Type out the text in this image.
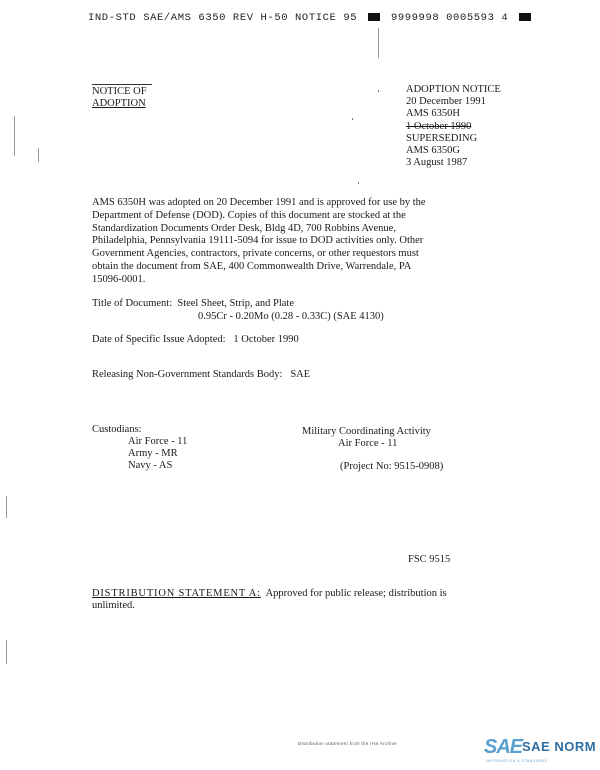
IND-STD SAE/AMS 6350 REV H-50 NOTICE 95	9999998 0005593 4
NOTICE OF
ADOPTION
ADOPTION NOTICE
20 December 1991
AMS 6350H
1 October 1990
SUPERSEDING
AMS 6350G
3 August 1987
AMS 6350H was adopted on 20 December 1991 and is approved for use by the
Department of Defense (DOD). Copies of this document are stocked at the
Standardization Documents Order Desk, Bldg 4D, 700 Robbins Avenue,
Philadelphia, Pennsylvania 19111-5094 for issue to DOD activities only. Other
Government Agencies, contractors, private concerns, or other requestors must
obtain the document from SAE, 400 Commonwealth Drive, Warrendale, PA
15096-0001.
Title of Document: Steel Sheet, Strip, and Plate
0.95Cr - 0.20Mo (0.28 - 0.33C) (SAE 4130)
Date of Specific Issue Adopted: 1 October 1990
Releasing Non-Government Standards Body: SAE
Custodians:
Air Force - 11
Army - MR
Navy - AS
Military Coordinating Activity
Air Force - 11
(Project No: 9515-0908)
FSC 9515
DISTRIBUTION STATEMENT A: Approved for public release; distribution is
unlimited.
Distribution statement from the IHS Archive	SAE SAE NORM
INFORMATION & STANDARDS
